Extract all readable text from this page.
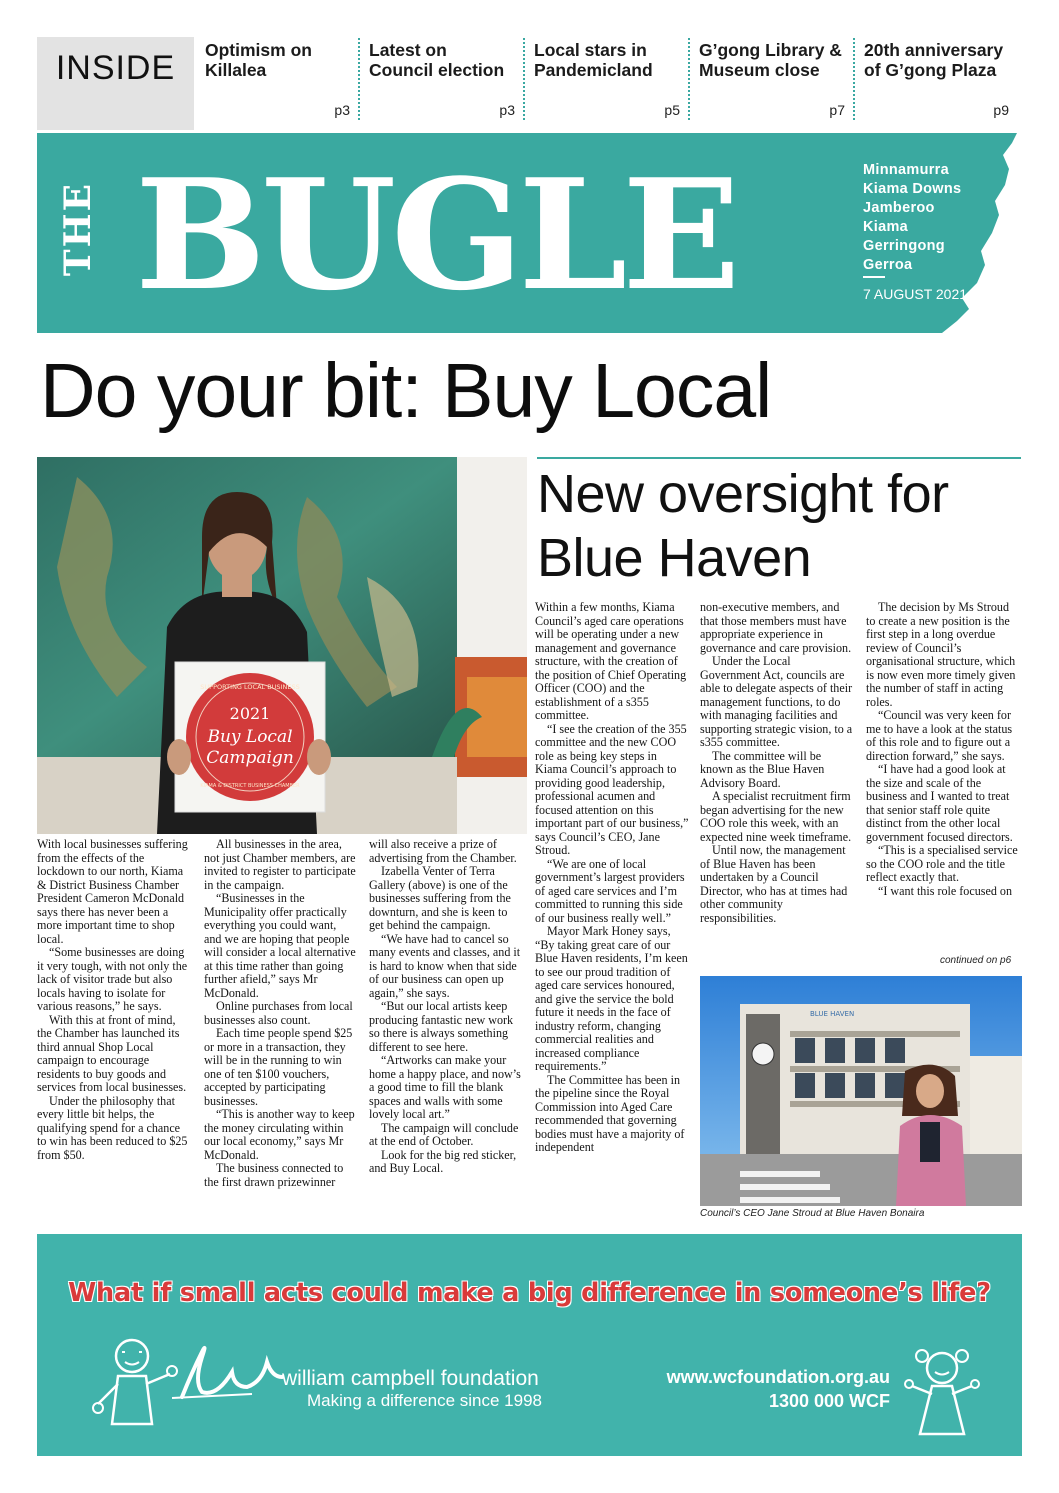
INSIDE	Optimism on Killalea
p3
Latest on Council election
p3
Local stars in Pandemicland
p5
G’gong Library & Museum close
p7
20th anniversary of G’gong Plaza
p9
THE BUGLE	Minnamurra
Kiama Downs
Jamberoo
Kiama
Gerringong
Gerroa
7 AUGUST 2021
Do your bit: Buy Local
SUPPORTING LOCAL BUSINESS
2021
Buy Local
Campaign
KIAMA & DISTRICT BUSINESS CHAMBER
New oversight for Blue Haven

With local businesses suffering from the effects of the lockdown to our north, Kiama & District Business Chamber President Cameron McDonald says there has never been a more important time to shop local.

“Some businesses are doing it very tough, with not only the lack of visitor trade but also locals having to isolate for various reasons,” he says.

With this at front of mind, the Chamber has launched its third annual Shop Local campaign to encourage residents to buy goods and services from local businesses.

Under the philosophy that every little bit helps, the qualifying spend for a chance to win has been reduced to $25 from $50.

All businesses in the area, not just Chamber members, are invited to register to participate in the campaign.

“Businesses in the Municipality offer practically everything you could want, and we are hoping that people will consider a local alternative at this time rather than going further afield,” says Mr McDonald.

Online purchases from local businesses also count.

Each time people spend $25 or more in a transaction, they will be in the running to win one of ten $100 vouchers, accepted by participating businesses.

“This is another way to keep the money circulating within our local economy,” says Mr McDonald.

The business connected to the first drawn prizewinner

will also receive a prize of advertising from the Chamber.

Izabella Venter of Terra Gallery (above) is one of the businesses suffering from the downturn, and she is keen to get behind the campaign.

“We have had to cancel so many events and classes, and it is hard to know when that side of our business can open up again,” she says.

“But our local artists keep producing fantastic new work so there is always something different to see here.

“Artworks can make your home a happy place, and now’s a good time to fill the blank spaces and walls with some lovely local art.”

The campaign will conclude at the end of October.

Look for the big red sticker, and Buy Local.

Within a few months, Kiama Council’s aged care operations will be operating under a new management and governance structure, with the creation of the position of Chief Operating Officer (COO) and the establishment of a s355 committee.

“I see the creation of the 355 committee and the new COO role as being key steps in Kiama Council’s approach to providing good leadership, professional acumen and focused attention on this important part of our business,” says Council’s CEO, Jane Stroud.

“We are one of local government’s largest providers of aged care services and I’m committed to running this side of our business really well.”

Mayor Mark Honey says, “By taking great care of our Blue Haven residents, I’m keen to see our proud tradition of aged care services honoured, and give the service the bold future it needs in the face of industry reform, changing commercial realities and increased compliance requirements.”

The Committee has been in the pipeline since the Royal Commission into Aged Care recommended that governing bodies must have a majority of independent

non-executive members, and that those members must have appropriate experience in governance and care provision.

Under the Local Government Act, councils are able to delegate aspects of their management functions, to do with managing facilities and supporting strategic vision, to a s355 committee.

The committee will be known as the Blue Haven Advisory Board.

A specialist recruitment firm began advertising for the new COO role this week, with an expected nine week timeframe.

Until now, the management of Blue Haven has been undertaken by a Council Director, who has at times had other community responsibilities.

The decision by Ms Stroud to create a new position is the first step in a long overdue review of Council’s organisational structure, which is now even more timely given the number of staff in acting roles.

“Council was very keen for me to have a look at the status of this role and to figure out a direction forward,” she says.

“I have had a good look at the size and scale of the business and I wanted to treat that senior staff role quite distinct from the other local government focused directors.

“This is a specialised service so the COO role and the title reflect exactly that.

“I want this role focused on

continued on p6
BLUE HAVEN
Council’s CEO Jane Stroud at Blue Haven Bonaira
What if small acts could make a big difference in someone’s life?
william campbell foundation
Making a difference since 1998
www.wcfoundation.org.au
1300 000 WCF
